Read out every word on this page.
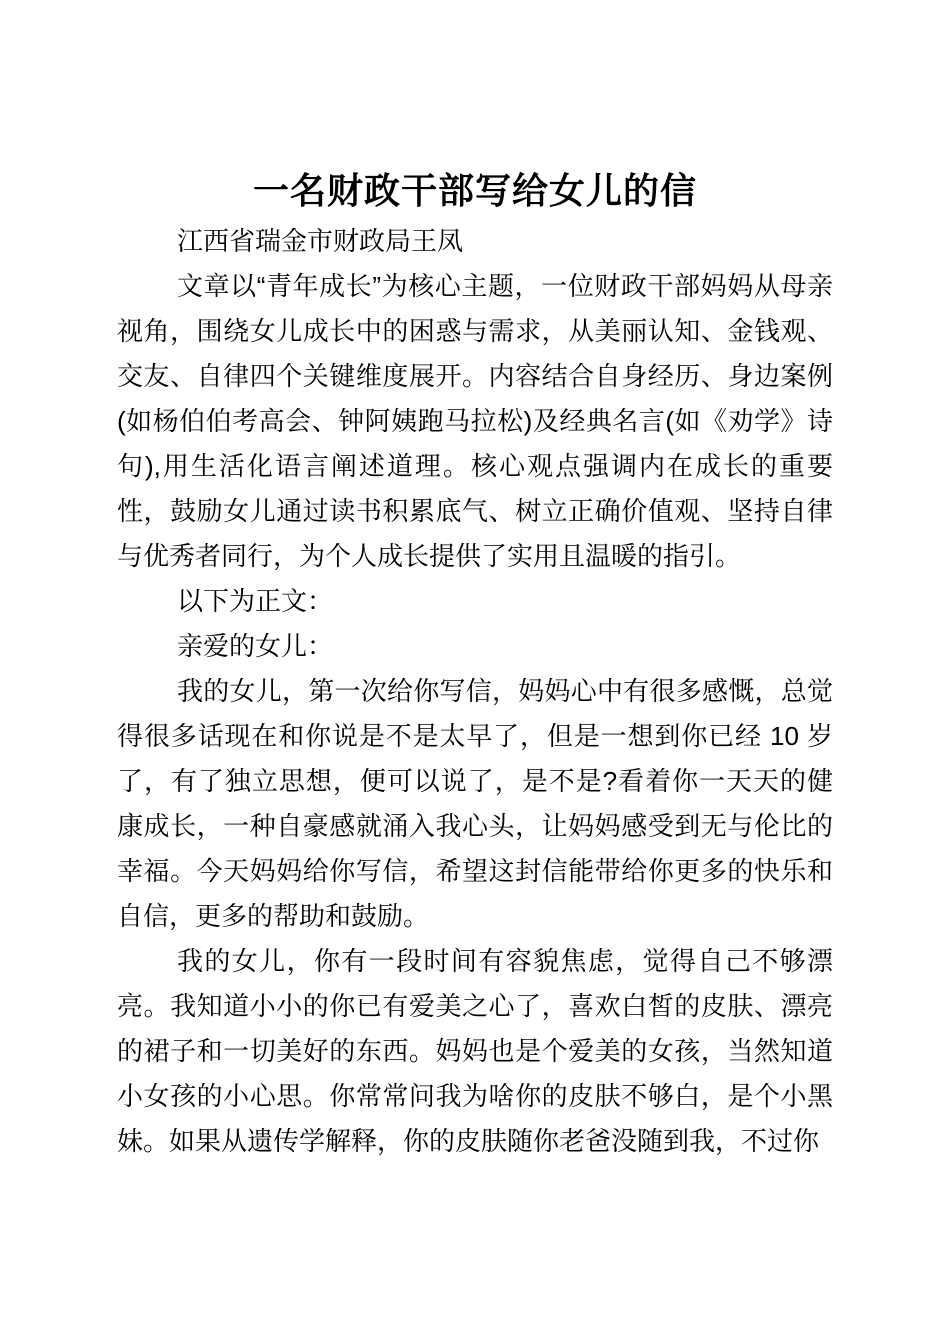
一名财政干部写给女儿的信

江西省瑞金市财政局王凤

文章以“青年成长”为核心主题，一位财政干部妈妈从母亲视角，围绕女儿成长中的困惑与需求，从美丽认知、金钱观、交友、自律四个关键维度展开。内容结合自身经历、身边案例(如杨伯伯考高会、钟阿姨跑马拉松)及经典名言(如《劝学》诗句),用生活化语言阐述道理。核心观点强调内在成长的重要性，鼓励女儿通过读书积累底气、树立正确价值观、坚持自律与优秀者同行，为个人成长提供了实用且温暖的指引。

以下为正文：

亲爱的女儿：

我的女儿，第一次给你写信，妈妈心中有很多感慨，总觉得很多话现在和你说是不是太早了，但是一想到你已经 10 岁了，有了独立思想，便可以说了，是不是?看着你一天天的健康成长，一种自豪感就涌入我心头，让妈妈感受到无与伦比的幸福。今天妈妈给你写信，希望这封信能带给你更多的快乐和自信，更多的帮助和鼓励。

我的女儿，你有一段时间有容貌焦虑，觉得自己不够漂亮。我知道小小的你已有爱美之心了，喜欢白皙的皮肤、漂亮的裙子和一切美好的东西。妈妈也是个爱美的女孩，当然知道小女孩的小心思。你常常问我为啥你的皮肤不够白，是个小黑妹。如果从遗传学解释，你的皮肤随你老爸没随到我，不过你
